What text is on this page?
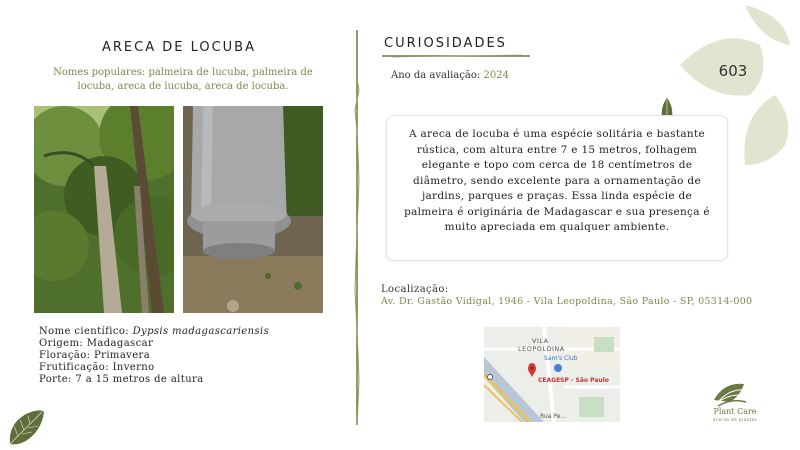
ARECA DE LOCUBA
Nomes populares: palmeira de lucuba, palmeira de locuba, areca de lucuba, areca de locuba.
Nome científico: Dypsis madagascariensis
Origem: Madagascar
Floração: Primavera
Frutificação: Inverno
Porte: 7 a 15 metros de altura
CURIOSIDADES
Ano da avaliação: 2024	603
A areca de locuba é uma espécie solitária e bastante rústica, com altura entre 7 e 15 metros, folhagem elegante e topo com cerca de 18 centímetros de diâmetro, sendo excelente para a ornamentação de jardins, parques e praças. Essa linda espécie de palmeira é originária de Madagascar e sua presença é muito apreciada em qualquer ambiente.
Localização:
Av. Dr. Gastão Vidigal, 1946 - Vila Leopoldina, São Paulo - SP, 05314-000
VILA
LEOPOLDINA
Sam's Club
CEAGESP - São Paulo
Rua Pe...
Plant Care
acervo de plantas
